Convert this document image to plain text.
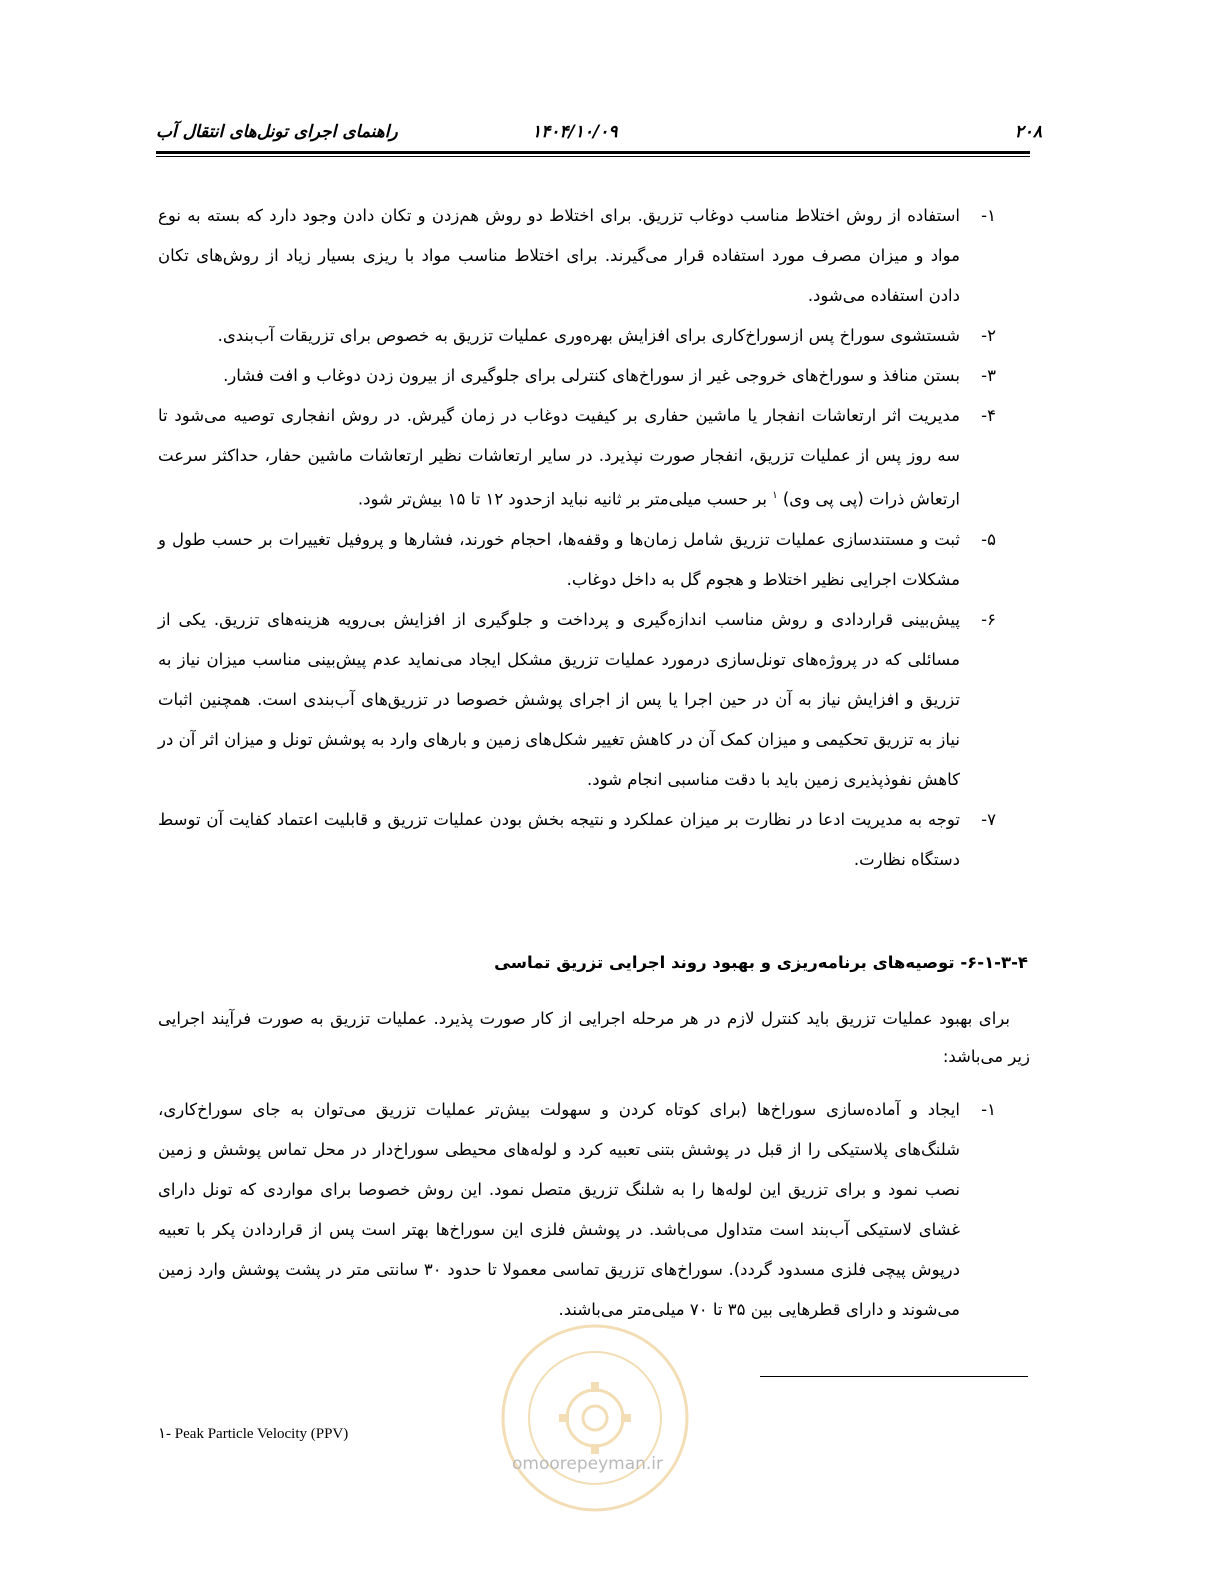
۲۰۸
۱۴۰۴/۱۰/۰۹
راهنمای اجرای تونل‌های انتقال آب
۱-

استفاده از روش اختلاط مناسب دوغاب تزریق. برای اختلاط دو روش هم‌زدن و تکان دادن وجود دارد که بسته به نوع مواد و میزان مصرف مورد استفاده قرار می‌گیرند. برای اختلاط مناسب مواد با ریزی بسیار زیاد از روش‌های تکان دادن استفاده می‌شود.

۲-

شستشوی سوراخ پس ازسوراخ‌کاری برای افزایش بهره‌وری عملیات تزریق به خصوص برای تزریقات آب‌بندی.

۳-

بستن منافذ و سوراخ‌های خروجی غیر از سوراخ‌های کنترلی برای جلوگیری از بیرون زدن دوغاب و افت فشار.

۴-

مدیریت اثر ارتعاشات انفجار یا ماشین حفاری بر کیفیت دوغاب در زمان گیرش. در روش انفجاری توصیه می‌شود تا سه روز پس از عملیات تزریق، انفجار صورت نپذیرد. در سایر ارتعاشات نظیر ارتعاشات ماشین حفار، حداکثر سرعت ارتعاش ذرات (پی پی وی) $^۱$ بر حسب میلی‌متر بر ثانیه نباید ازحدود ۱۲ تا ۱۵ بیش‌تر شود.

۵-

ثبت و مستندسازی عملیات تزریق شامل زمان‌ها و وقفه‌ها، احجام خورند، فشارها و پروفیل تغییرات بر حسب طول و مشکلات اجرایی نظیر اختلاط و هجوم گل به داخل دوغاب.

۶-

پیش‌بینی قراردادی و روش مناسب اندازه‌گیری و پرداخت و جلوگیری از افزایش بی‌رویه هزینه‌های تزریق. یکی از مسائلی که در پروژه‌های تونل‌سازی درمورد عملیات تزریق مشکل ایجاد می‌نماید عدم پیش‌بینی مناسب میزان نیاز به تزریق و افزایش نیاز به آن در حین اجرا یا پس از اجرای پوشش خصوصا در تزریق‌های آب‌بندی است. همچنین اثبات نیاز به تزریق تحکیمی و میزان کمک آن در کاهش تغییر شکل‌های زمین و بارهای وارد به پوشش تونل و میزان اثر آن در کاهش نفوذپذیری زمین باید با دقت مناسبی انجام شود.

۷-

توجه به مدیریت ادعا در نظارت بر میزان عملکرد و نتیجه بخش بودن عملیات تزریق و قابلیت اعتماد کفایت آن توسط دستگاه نظارت.

۶-۱-۳-۴- توصیه‌های برنامه‌ریزی و بهبود روند اجرایی تزریق تماسی

برای بهبود عملیات تزریق باید کنترل لازم در هر مرحله اجرایی از کار صورت پذیرد. عملیات تزریق به صورت فرآیند اجرایی زیر می‌باشد:

۱-

ایجاد و آماده‌سازی سوراخ‌ها (برای کوتاه کردن و سهولت بیش‌تر عملیات تزریق می‌توان به جای سوراخ‌کاری، شلنگ‌های پلاستیکی را از قبل در پوشش بتنی تعبیه کرد و لوله‌های محیطی سوراخ‌دار در محل تماس پوشش و زمین نصب نمود و برای تزریق این لوله‌ها را به شلنگ تزریق متصل نمود. این روش خصوصا برای مواردی که تونل دارای غشای لاستیکی آب‌بند است متداول می‌باشد. در پوشش فلزی این سوراخ‌ها بهتر است پس از قراردادن پکر با تعبیه درپوش پیچی فلزی مسدود گردد). سوراخ‌های تزریق تماسی معمولا تا حدود ۳۰ سانتی متر در پشت پوشش وارد زمین می‌شوند و دارای قطرهایی بین ۳۵ تا ۷۰ میلی‌متر می‌باشند.

۱- Peak Particle Velocity (PPV)
omoorepeyman.ir
